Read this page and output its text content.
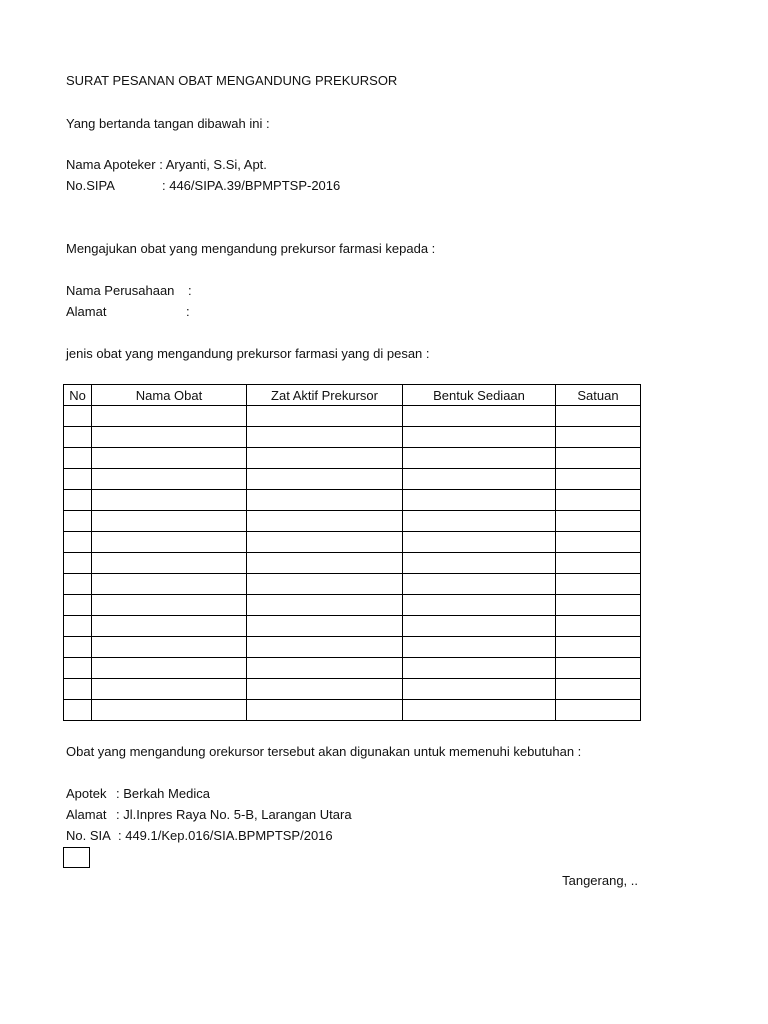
SURAT PESANAN OBAT MENGANDUNG PREKURSOR
Yang bertanda tangan dibawah ini :
Nama Apoteker : Aryanti, S.Si, Apt.
No.SIPA	: 446/SIPA.39/BPMPTSP-2016
Mengajukan obat yang mengandung prekursor farmasi kepada :
Nama Perusahaan :
Alamat	:
jenis obat yang mengandung prekursor farmasi yang di pesan :
No	Nama Obat	Zat Aktif Prekursor	Bentuk Sediaan	Satuan

Obat yang mengandung orekursor tersebut akan digunakan untuk memenuhi kebutuhan :
Apotek : Berkah Medica
Alamat : Jl.Inpres Raya No. 5-B, Larangan Utara
No. SIA : 449.1/Kep.016/SIA.BPMPTSP/2016
Tangerang, ..
